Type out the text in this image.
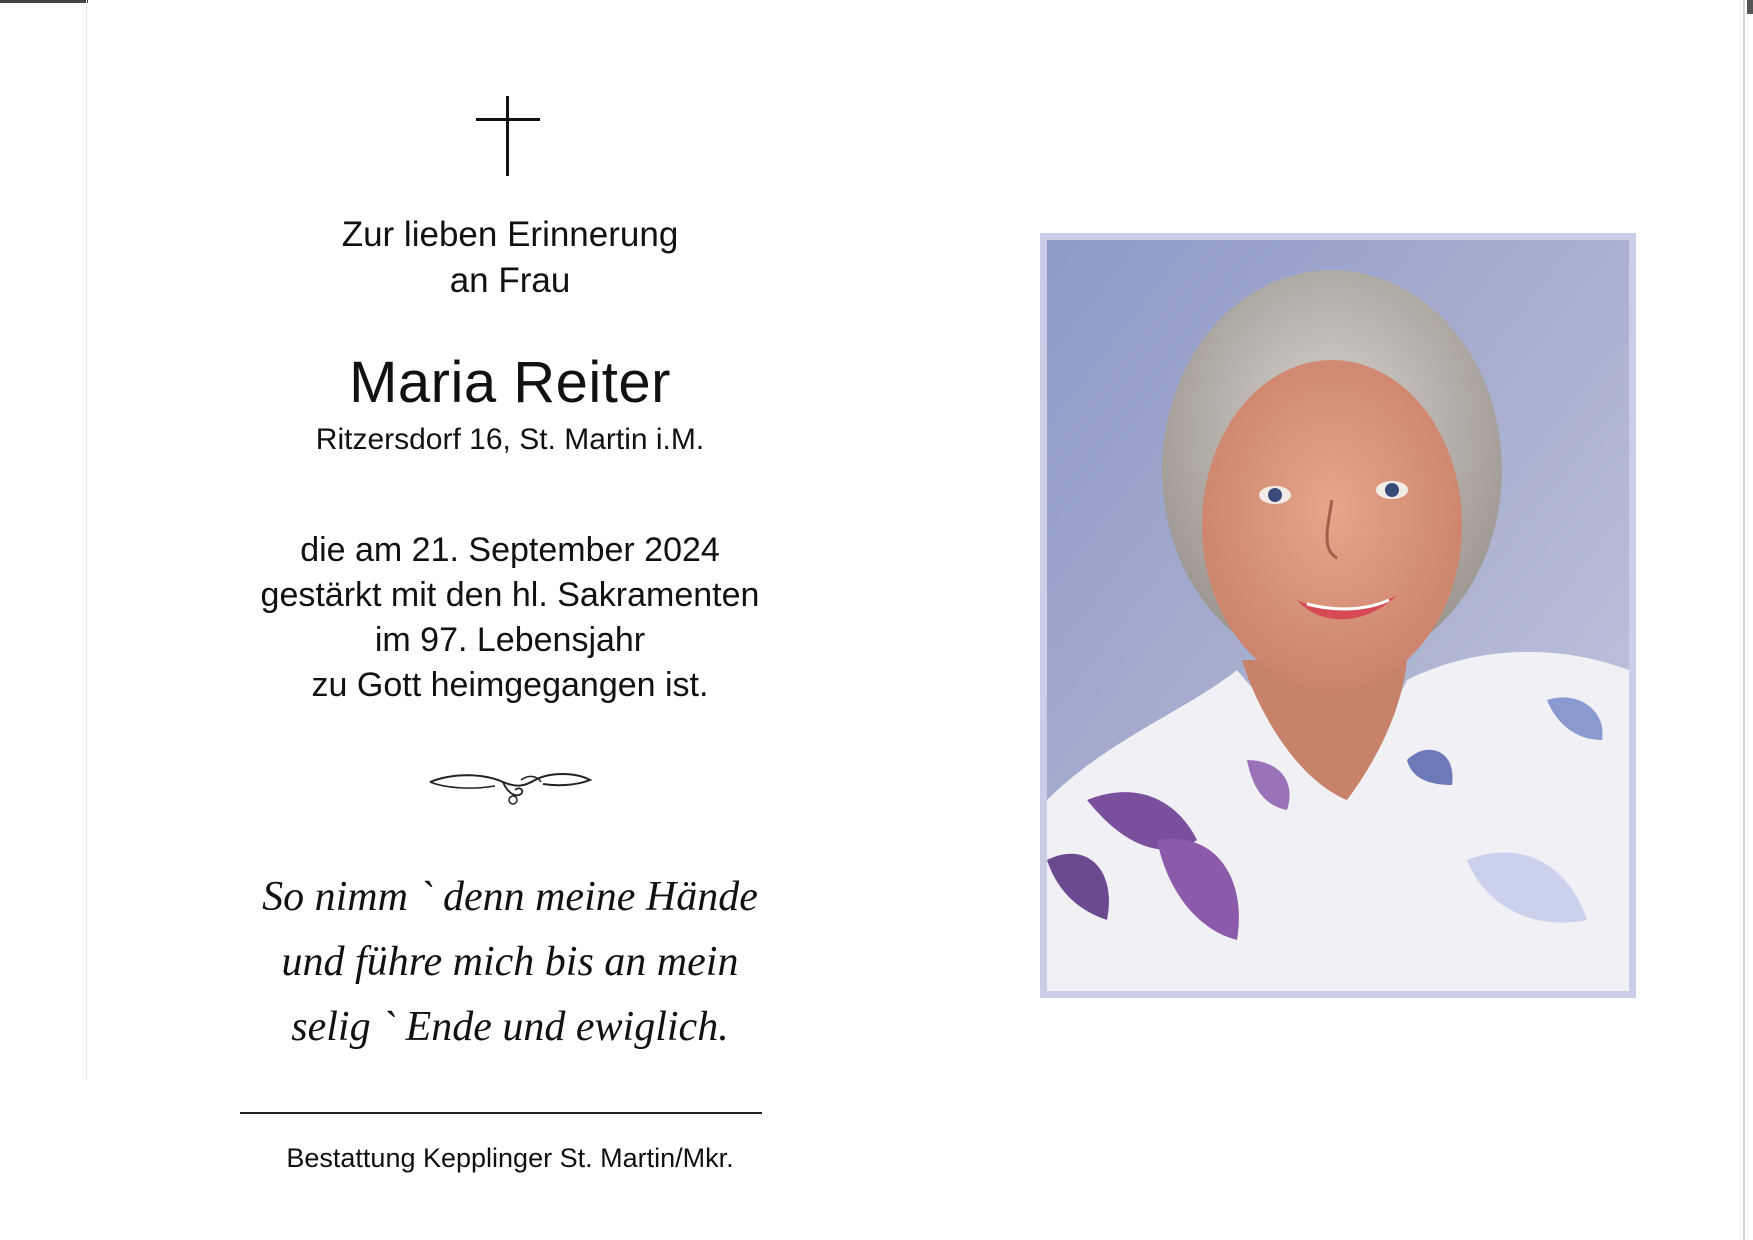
Zur lieben Erinnerung
an Frau
Maria Reiter
Ritzersdorf 16, St. Martin i.M.
die am 21. September 2024
gestärkt mit den hl. Sakramenten
im 97. Lebensjahr
zu Gott heimgegangen ist.
So nimm ` denn meine Hände
und führe mich bis an mein
selig ` Ende und ewiglich.
Bestattung Kepplinger St. Martin/Mkr.
